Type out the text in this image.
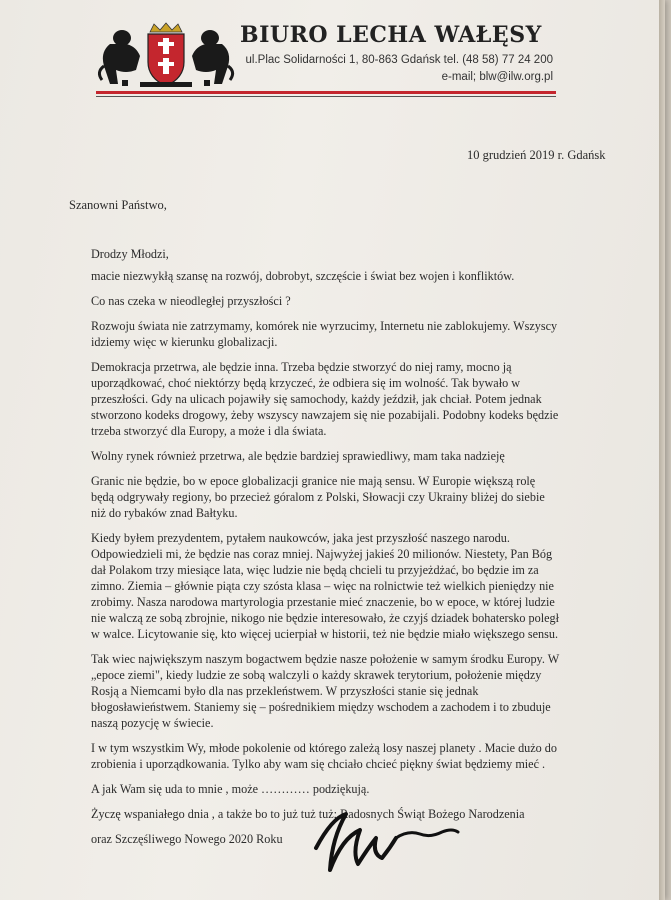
BIURO LECHA WAŁĘSY
ul.Plac Solidarności 1, 80-863 Gdańsk tel. (48 58) 77 24 200
e-mail; blw@ilw.org.pl
10 grudzień 2019 r. Gdańsk
Szanowni Państwo,

Drodzy Młodzi,

macie niezwykłą szansę na rozwój, dobrobyt, szczęście i świat bez wojen i konfliktów.

Co nas czeka w nieodległej przyszłości ?

Rozwoju świata nie zatrzymamy, komórek nie wyrzucimy, Internetu nie zablokujemy. Wszyscy idziemy więc w kierunku globalizacji.

Demokracja przetrwa, ale będzie inna. Trzeba będzie stworzyć do niej ramy, mocno ją uporządkować, choć niektórzy będą krzyczeć, że odbiera się im wolność. Tak bywało w przeszłości. Gdy na ulicach pojawiły się samochody, każdy jeździł, jak chciał. Potem jednak stworzono kodeks drogowy, żeby wszyscy nawzajem się nie pozabijali. Podobny kodeks będzie trzeba stworzyć dla Europy, a może i dla świata.

Wolny rynek również przetrwa, ale będzie bardziej sprawiedliwy, mam taka nadzieję

Granic nie będzie, bo w epoce globalizacji granice nie mają sensu. W Europie większą rolę będą odgrywały regiony, bo przecież góralom z Polski, Słowacji czy Ukrainy bliżej do siebie niż do rybaków znad Bałtyku.

Kiedy byłem prezydentem, pytałem naukowców, jaka jest przyszłość naszego narodu. Odpowiedzieli mi, że będzie nas coraz mniej. Najwyżej jakieś 20 milionów. Niestety, Pan Bóg dał Polakom trzy miesiące lata, więc ludzie nie będą chcieli tu przyjeżdżać, bo będzie im za zimno. Ziemia – głównie piąta czy szósta klasa – więc na rolnictwie też wielkich pieniędzy nie zrobimy. Nasza narodowa martyrologia przestanie mieć znaczenie, bo w epoce, w której ludzie nie walczą ze sobą zbrojnie, nikogo nie będzie interesowało, że czyjś dziadek bohatersko poległ w walce. Licytowanie się, kto więcej ucierpiał w historii, też nie będzie miało większego sensu.

Tak wiec największym naszym bogactwem będzie nasze położenie w samym środku Europy. W „epoce ziemi", kiedy ludzie ze sobą walczyli o każdy skrawek terytorium, położenie między Rosją a Niemcami było dla nas przekleństwem. W przyszłości stanie się jednak błogosławieństwem. Staniemy się – pośrednikiem między wschodem a zachodem i to zbuduje naszą pozycję w świecie.

I w tym wszystkim Wy, młode pokolenie od którego zależą losy naszej planety . Macie dużo do zrobienia i uporządkowania. Tylko aby wam się chciało chcieć piękny świat będziemy mieć .

A jak Wam się uda to mnie , może ………… podziękują.

Życzę wspaniałego dnia , a także bo to już tuż tuż; Radosnych Świąt Bożego Narodzenia

oraz Szczęśliwego Nowego 2020 Roku
